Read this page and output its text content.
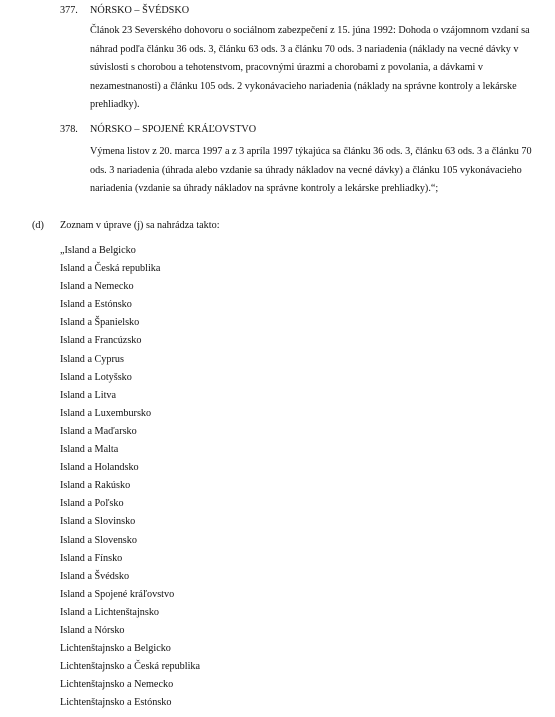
377. NÓRSKO – ŠVÉDSKO
Článok 23 Severského dohovoru o sociálnom zabezpečení z 15. júna 1992: Dohoda o vzájomnom vzdaní sa náhrad podľa článku 36 ods. 3, článku 63 ods. 3 a článku 70 ods. 3 nariadenia (náklady na vecné dávky v súvislosti s chorobou a tehotenstvom, pracovnými úrazmi a chorobami z povolania, a dávkami v nezamestnanosti) a článku 105 ods. 2 vykonávacieho nariadenia (náklady na správne kontroly a lekárske prehliadky).
378. NÓRSKO – SPOJENÉ KRÁĽOVSTVO
Výmena listov z 20. marca 1997 a z 3 apríla 1997 týkajúca sa článku 36 ods. 3, článku 63 ods. 3 a článku 70 ods. 3 nariadenia (úhrada alebo vzdanie sa úhrady nákladov na vecné dávky) a článku 105 vykonávacieho nariadenia (vzdanie sa úhrady nákladov na správne kontroly a lekárske prehliadky).“;
(d) Zoznam v úprave (j) sa nahrádza takto:
„Island a Belgicko
Island a Česká republika
Island a Nemecko
Island a Estónsko
Island a Španielsko
Island a Francúzsko
Island a Cyprus
Island a Lotyšsko
Island a Litva
Island a Luxembursko
Island a Maďarsko
Island a Malta
Island a Holandsko
Island a Rakúsko
Island a Poľsko
Island a Slovinsko
Island a Slovensko
Island a Fínsko
Island a Švédsko
Island a Spojené kráľovstvo
Island a Lichtenštajnsko
Island a Nórsko
Lichtenštajnsko a Belgicko
Lichtenštajnsko a Česká republika
Lichtenštajnsko a Nemecko
Lichtenštajnsko a Estónsko
